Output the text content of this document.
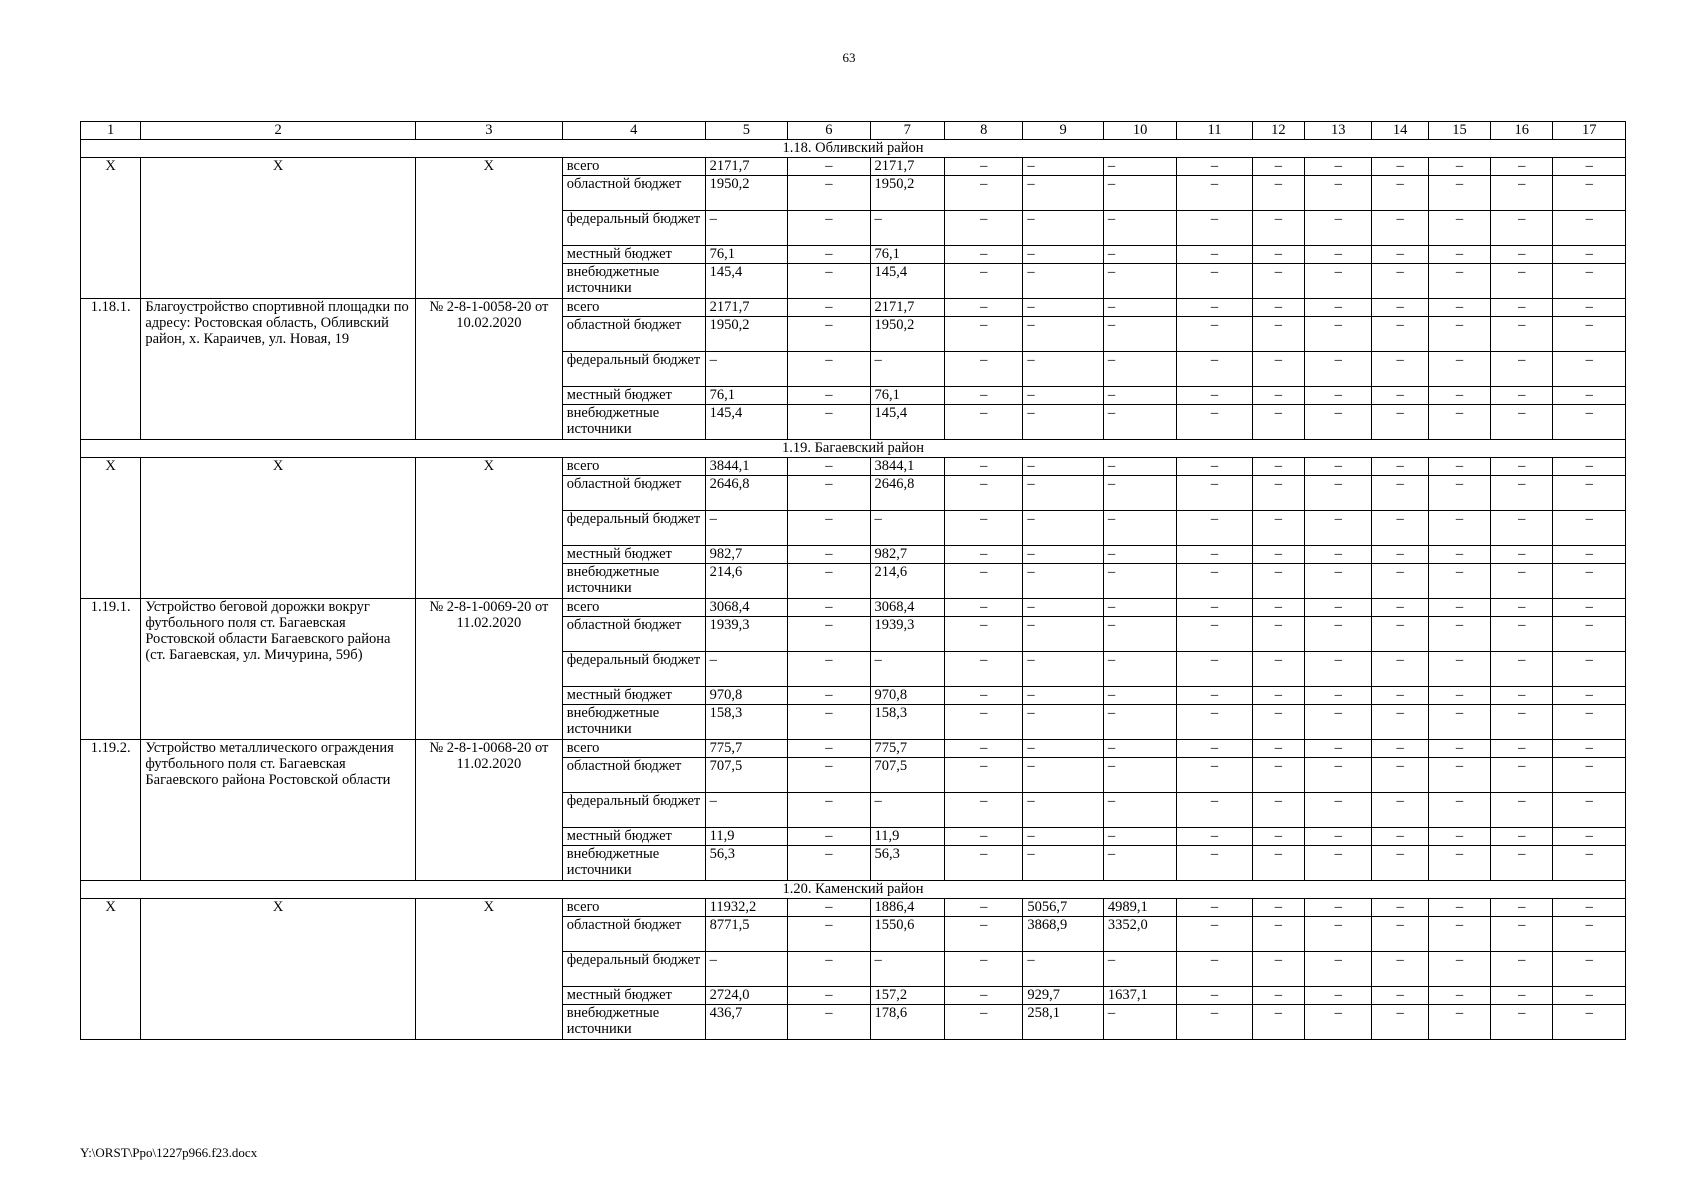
63
1	2	3	4	5	6	7	8	9	10	11	12	13	14	15	16	17
1.18. Обливский район																
Х	Х	Х	всего	2171,7	–	2171,7	–	–	–	–	–	–	–	–	–	–
			областной бюджет	1950,2	–	1950,2	–	–	–	–	–	–	–	–	–	–
			федеральный бюджет	–	–	–	–	–	–	–	–	–	–	–	–	–
			местный бюджет	76,1	–	76,1	–	–	–	–	–	–	–	–	–	–
			внебюджетные источники	145,4	–	145,4	–	–	–	–	–	–	–	–	–	–
1.18.1.	Благоустройство спортивной площадки по адресу: Ростовская область, Обливский район, х. Караичев, ул. Новая, 19	№ 2-8-1-0058-20 от 10.02.2020	всего	2171,7	–	2171,7	–	–	–	–	–	–	–	–	–	–
			областной бюджет	1950,2	–	1950,2	–	–	–	–	–	–	–	–	–	–
			федеральный бюджет	–	–	–	–	–	–	–	–	–	–	–	–	–
			местный бюджет	76,1	–	76,1	–	–	–	–	–	–	–	–	–	–
			внебюджетные источники	145,4	–	145,4	–	–	–	–	–	–	–	–	–	–
1.19. Багаевский район																
Х	Х	Х	всего	3844,1	–	3844,1	–	–	–	–	–	–	–	–	–	–
			областной бюджет	2646,8	–	2646,8	–	–	–	–	–	–	–	–	–	–
			федеральный бюджет	–	–	–	–	–	–	–	–	–	–	–	–	–
			местный бюджет	982,7	–	982,7	–	–	–	–	–	–	–	–	–	–
			внебюджетные источники	214,6	–	214,6	–	–	–	–	–	–	–	–	–	–
1.19.1.	Устройство беговой дорожки вокруг футбольного поля ст. Багаевская Ростовской области Багаевского района (ст. Багаевская, ул. Мичурина, 59б)	№ 2-8-1-0069-20 от 11.02.2020	всего	3068,4	–	3068,4	–	–	–	–	–	–	–	–	–	–
			областной бюджет	1939,3	–	1939,3	–	–	–	–	–	–	–	–	–	–
			федеральный бюджет	–	–	–	–	–	–	–	–	–	–	–	–	–
			местный бюджет	970,8	–	970,8	–	–	–	–	–	–	–	–	–	–
			внебюджетные источники	158,3	–	158,3	–	–	–	–	–	–	–	–	–	–
1.19.2.	Устройство металлического ограждения футбольного поля ст. Багаевская Багаевского района Ростовской области	№ 2-8-1-0068-20 от 11.02.2020	всего	775,7	–	775,7	–	–	–	–	–	–	–	–	–	–
			областной бюджет	707,5	–	707,5	–	–	–	–	–	–	–	–	–	–
			федеральный бюджет	–	–	–	–	–	–	–	–	–	–	–	–	–
			местный бюджет	11,9	–	11,9	–	–	–	–	–	–	–	–	–	–
			внебюджетные источники	56,3	–	56,3	–	–	–	–	–	–	–	–	–	–
1.20. Каменский район																
Х	Х	Х	всего	11932,2	–	1886,4	–	5056,7	4989,1	–	–	–	–	–	–	–
			областной бюджет	8771,5	–	1550,6	–	3868,9	3352,0	–	–	–	–	–	–	–
			федеральный бюджет	–	–	–	–	–	–	–	–	–	–	–	–	–
			местный бюджет	2724,0	–	157,2	–	929,7	1637,1	–	–	–	–	–	–	–
			внебюджетные источники	436,7	–	178,6	–	258,1	–	–	–	–	–	–	–	–
Y:\ORST\Ppo\1227p966.f23.docx
